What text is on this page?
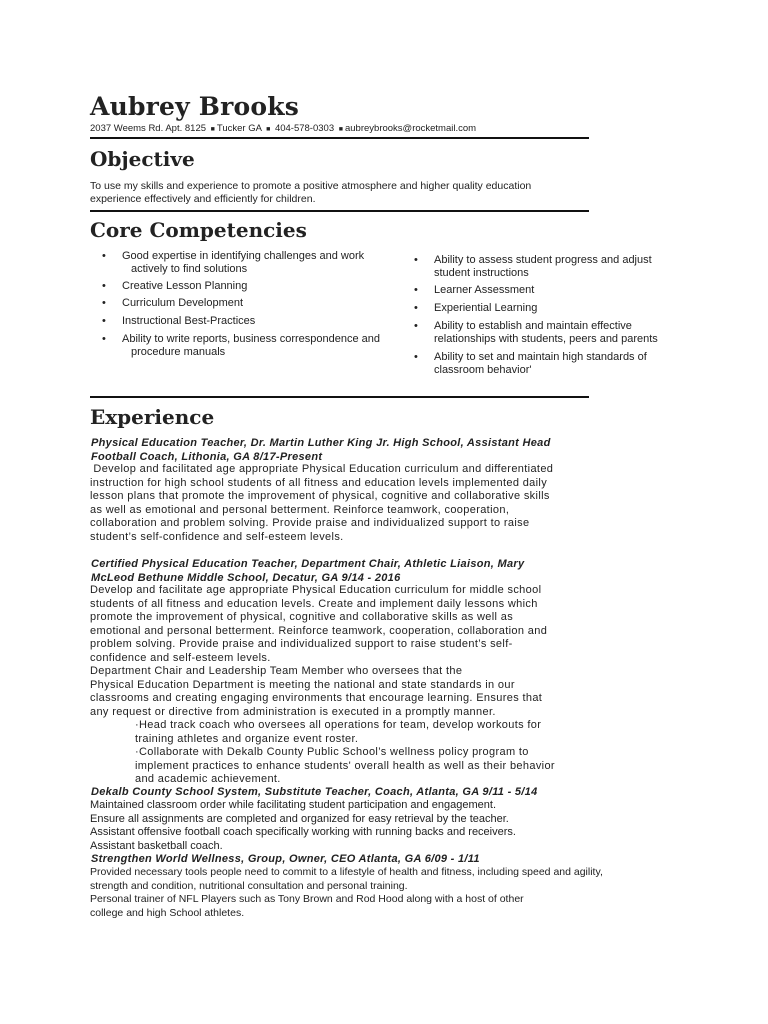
Aubrey Brooks
2037 Weems Rd. Apt. 8125 ■ Tucker GA ■ 404-578-0303 ■ aubreybrooks@rocketmail.com
Objective
To use my skills and experience to promote a positive atmosphere and higher quality education
experience effectively and efficiently for children.
Core Competencies
• Good expertise in identifying challenges and work
actively to find solutions
• Creative Lesson Planning
• Curriculum Development
• Instructional Best-Practices
• Ability to write reports, business correspondence and
procedure manuals
• Ability to assess student progress and adjust
student instructions
• Learner Assessment
• Experiential Learning
• Ability to establish and maintain effective
relationships with students, peers and parents
• Ability to set and maintain high standards of
classroom behavior'
Experience
Physical Education Teacher, Dr. Martin Luther King Jr. High School, Assistant Head
Football Coach, Lithonia, GA 8/17-Present
Develop and facilitated age appropriate Physical Education curriculum and differentiated
instruction for high school students of all fitness and education levels implemented daily
lesson plans that promote the improvement of physical, cognitive and collaborative skills
as well as emotional and personal betterment. Reinforce teamwork, cooperation,
collaboration and problem solving. Provide praise and individualized support to raise
student’s self-confidence and self-esteem levels.
Certified Physical Education Teacher, Department Chair, Athletic Liaison, Mary
McLeod Bethune Middle School, Decatur, GA 9/14 - 2016
Develop and facilitate age appropriate Physical Education curriculum for middle school
students of all fitness and education levels. Create and implement daily lessons which
promote the improvement of physical, cognitive and collaborative skills as well as
emotional and personal betterment. Reinforce teamwork, cooperation, collaboration and
problem solving. Provide praise and individualized support to raise student’s self-
confidence and self-esteem levels.
Department Chair and Leadership Team Member who oversees that the
Physical Education Department is meeting the national and state standards in our
classrooms and creating engaging environments that encourage learning. Ensures that
any request or directive from administration is executed in a promptly manner.
·Head track coach who oversees all operations for team, develop workouts for
training athletes and organize event roster.
·Collaborate with Dekalb County Public School’s wellness policy program to
implement practices to enhance students' overall health as well as their behavior
and academic achievement.
Dekalb County School System, Substitute Teacher, Coach, Atlanta, GA 9/11 - 5/14
Maintained classroom order while facilitating student participation and engagement.
Ensure all assignments are completed and organized for easy retrieval by the teacher.
Assistant offensive football coach specifically working with running backs and receivers.
Assistant basketball coach.
Strengthen World Wellness, Group, Owner, CEO Atlanta, GA 6/09 - 1/11
Provided necessary tools people need to commit to a lifestyle of health and fitness, including speed and agility,
strength and condition, nutritional consultation and personal training.
Personal trainer of NFL Players such as Tony Brown and Rod Hood along with a host of other
college and high School athletes.
